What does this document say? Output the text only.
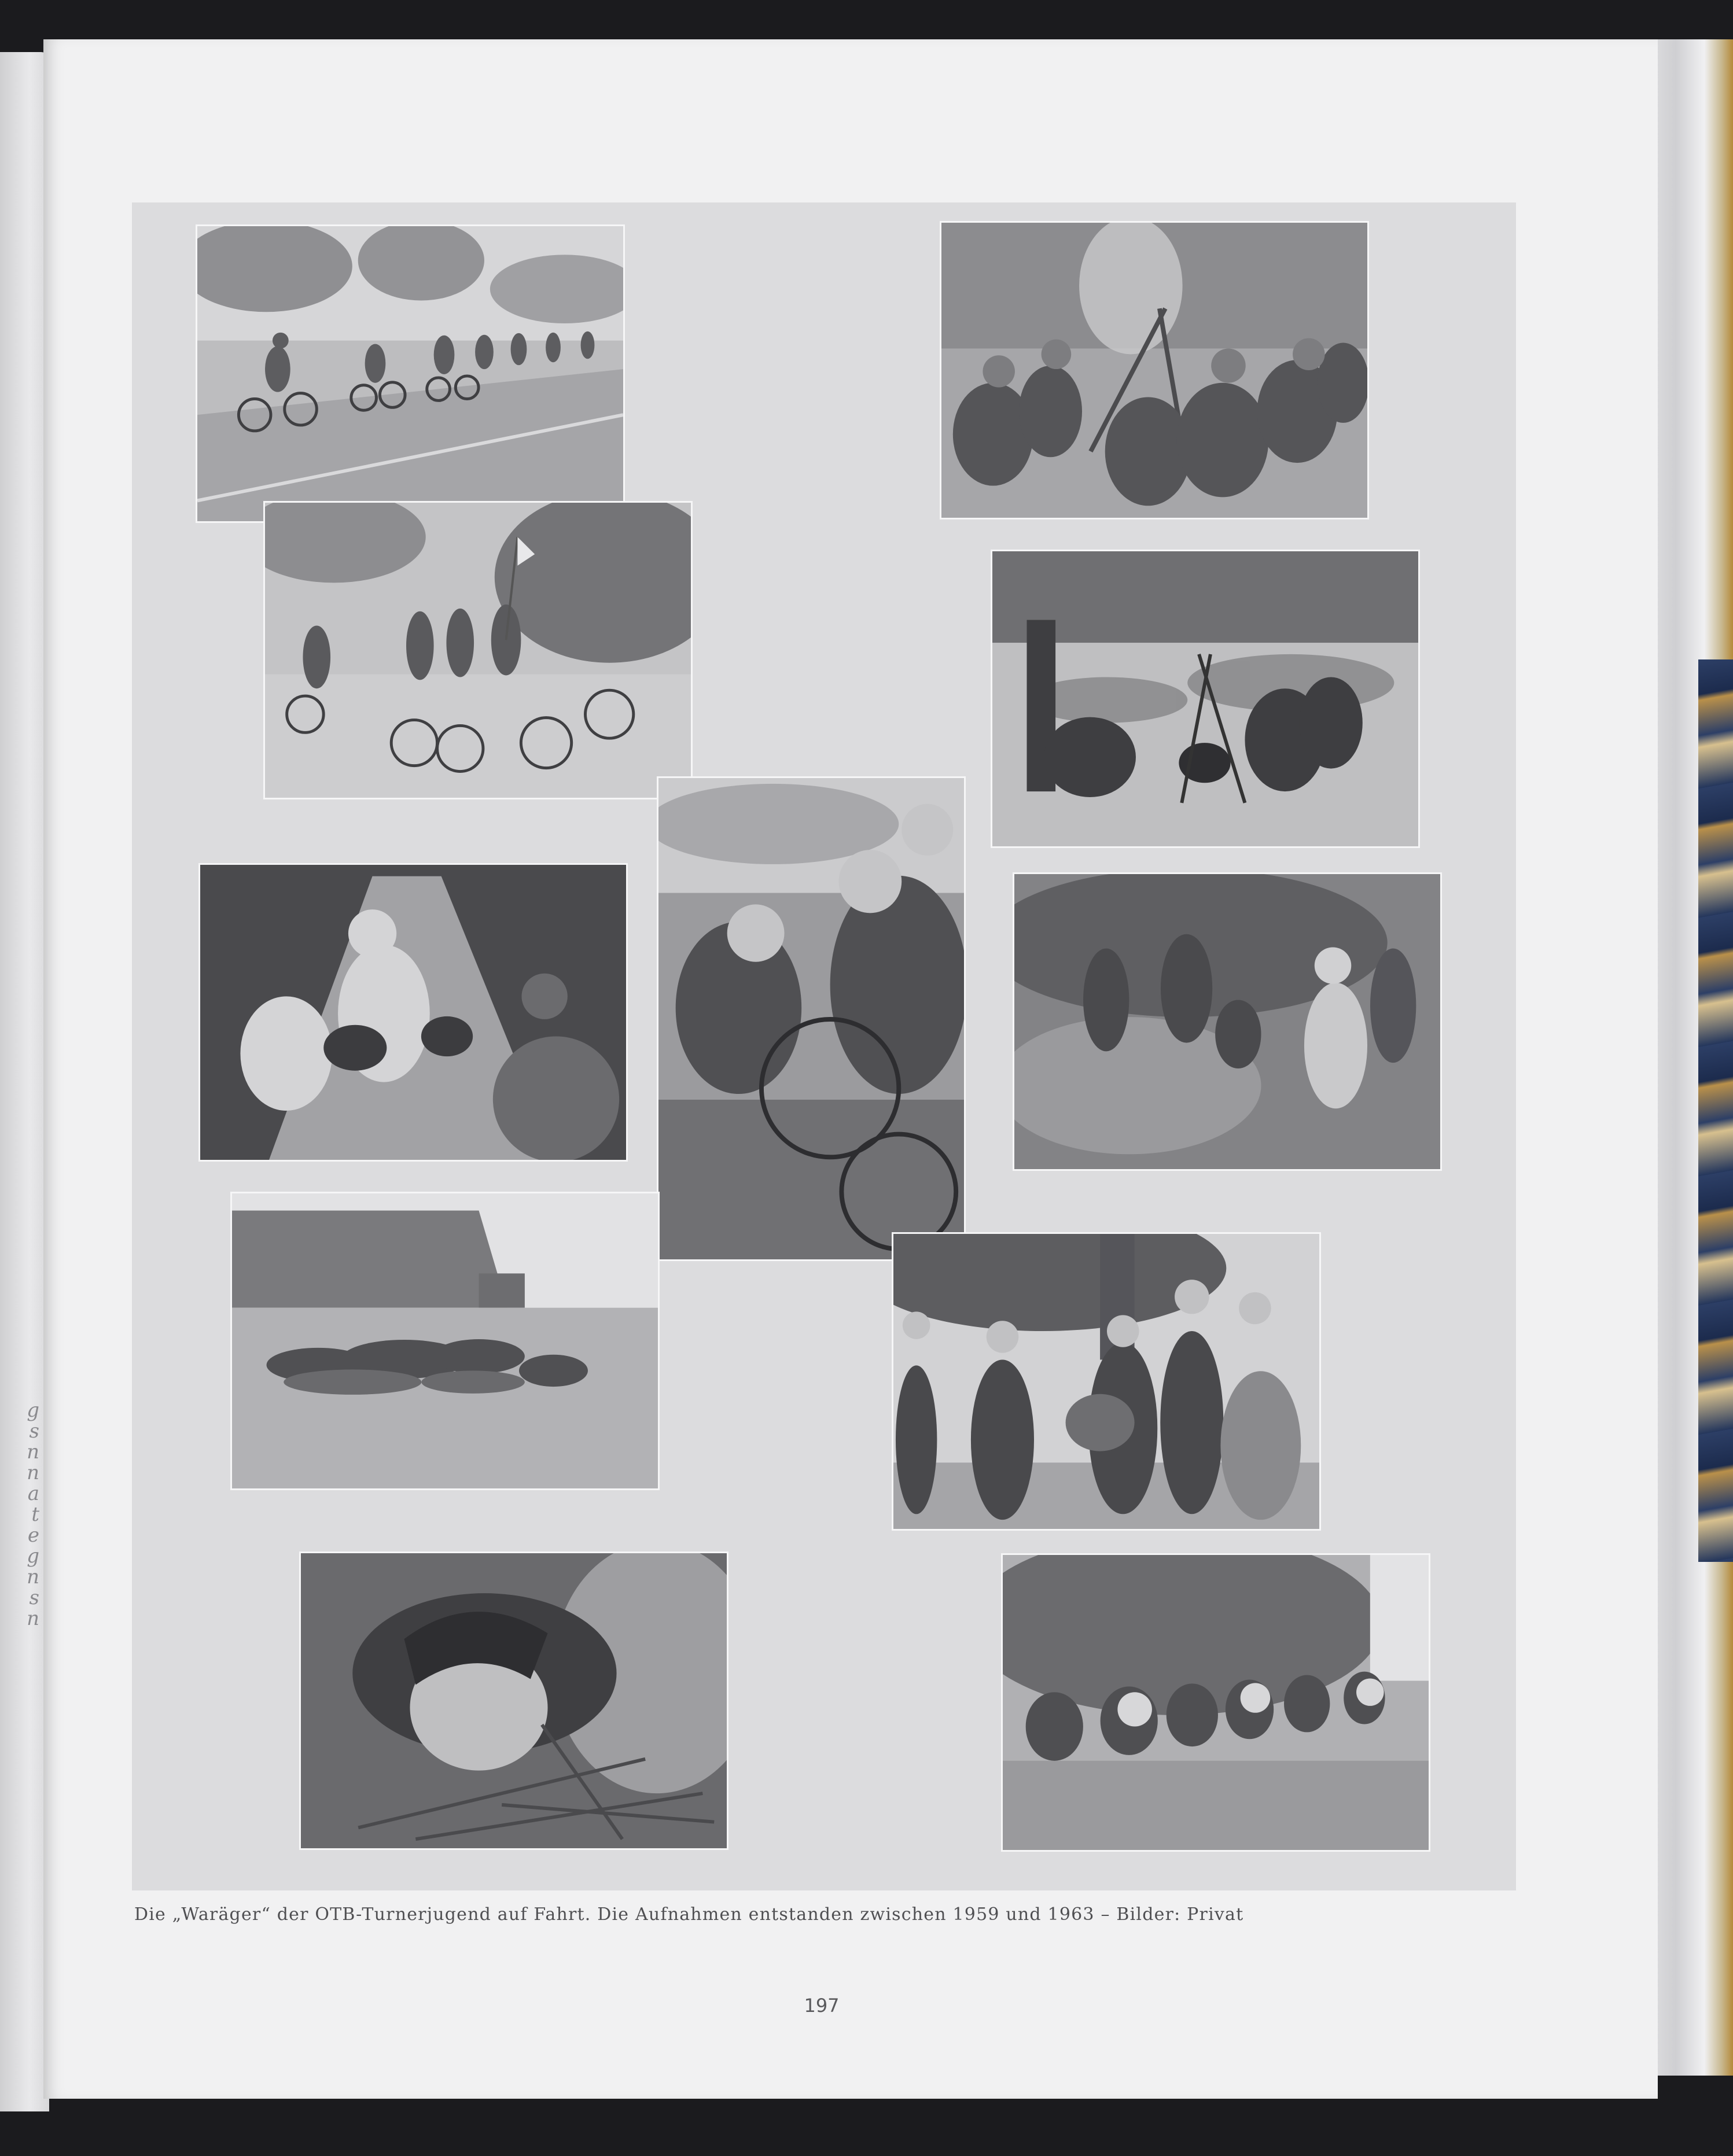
g
s
n
n
a
t
e
g
n
s
n
Die „Waräger“ der OTB-Turnerjugend auf Fahrt. Die Aufnahmen entstanden zwischen 1959 und 1963 – Bilder: Privat
197
